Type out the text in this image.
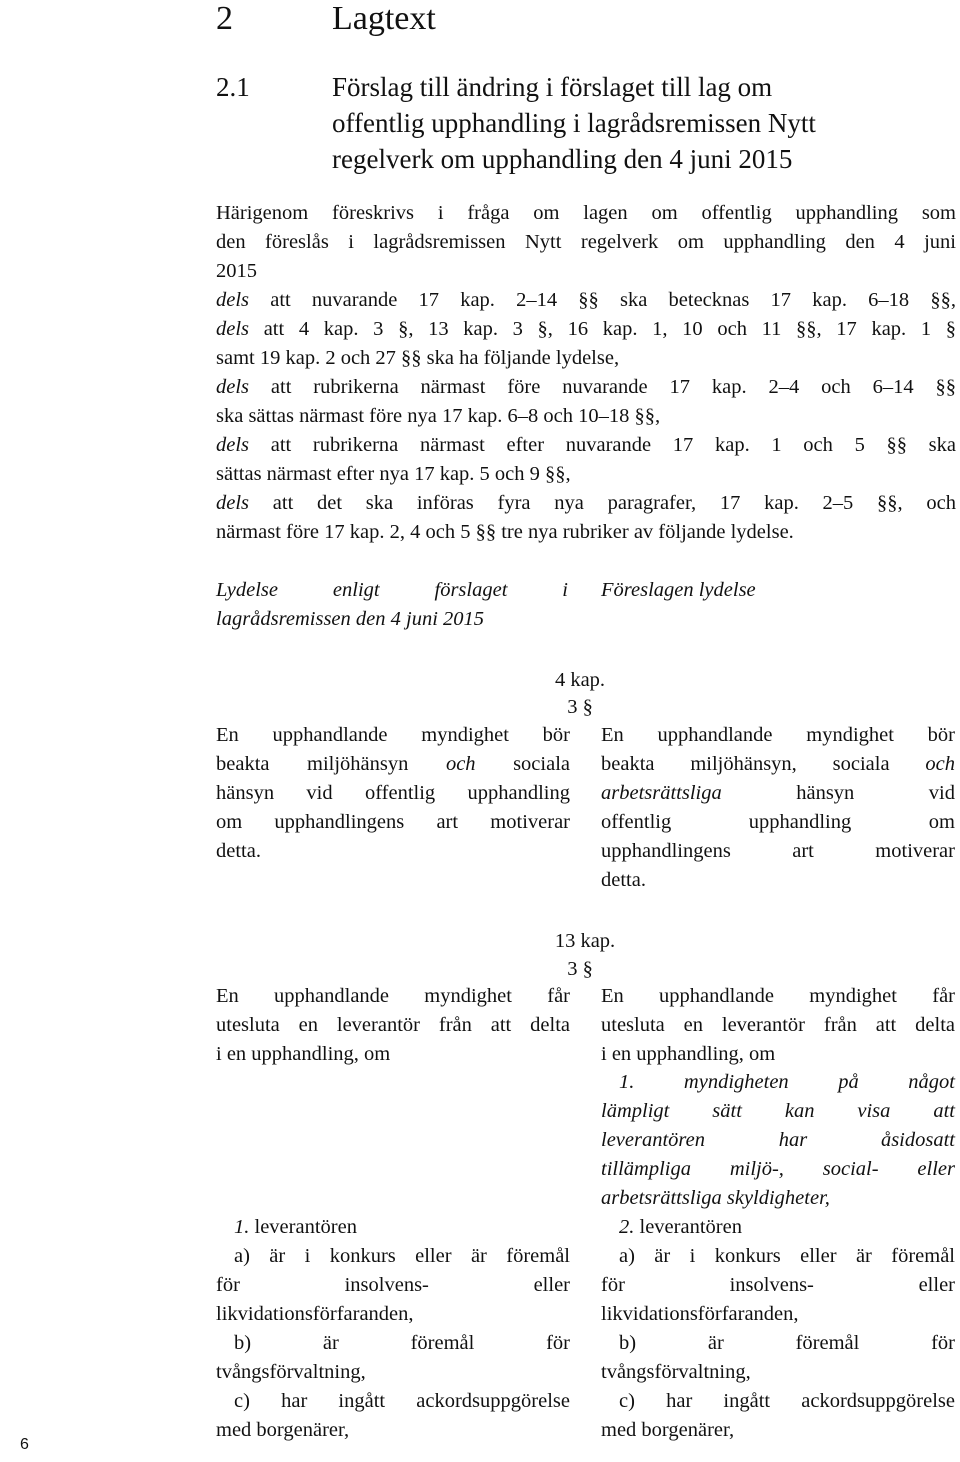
2	Lagtext
2.1	Förslag till ändring i förslaget till lag om
offentlig upphandling i lagrådsremissen Nytt
regelverk om upphandling den 4 juni 2015
Härigenom föreskrivs i fråga om lagen om offentlig upphandling som
den föreslås i lagrådsremissen Nytt regelverk om upphandling den 4 juni
2015
dels att nuvarande 17 kap. 2–14 §§ ska betecknas 17 kap. 6–18 §§,
dels att 4 kap. 3 §, 13 kap. 3 §, 16 kap. 1, 10 och 11 §§, 17 kap. 1 §
samt 19 kap. 2 och 27 §§ ska ha följande lydelse,
dels att rubrikerna närmast före nuvarande 17 kap. 2–4 och 6–14 §§
ska sättas närmast före nya 17 kap. 6–8 och 10–18 §§,
dels att rubrikerna närmast efter nuvarande 17 kap. 1 och 5 §§ ska
sättas närmast efter nya 17 kap. 5 och 9 §§,
dels att det ska införas fyra nya paragrafer, 17 kap. 2–5 §§, och
närmast före 17 kap. 2, 4 och 5 §§ tre nya rubriker av följande lydelse.
Lydelse enligt förslaget i
lagrådsremissen den 4 juni 2015
Föreslagen lydelse
4 kap.
3 §
En upphandlande myndighet bör
beakta miljöhänsyn och sociala
hänsyn vid offentlig upphandling
om upphandlingens art motiverar
detta.
En upphandlande myndighet bör
beakta miljöhänsyn, sociala och
arbetsrättsliga hänsyn vid
offentlig upphandling om
upphandlingens art motiverar
detta.
13 kap.
3 §
En upphandlande myndighet får
utesluta en leverantör från att delta
i en upphandling, om
1. leverantören
a) är i konkurs eller är föremål
för insolvens- eller
likvidationsförfaranden,
b) är föremål för
tvångsförvaltning,
c) har ingått ackordsuppgörelse
med borgenärer,
En upphandlande myndighet får
utesluta en leverantör från att delta
i en upphandling, om
1. myndigheten på något
lämpligt sätt kan visa att
leverantören har åsidosatt
tillämpliga miljö-, social- eller
arbetsrättsliga skyldigheter,
2. leverantören
a) är i konkurs eller är föremål
för insolvens- eller
likvidationsförfaranden,
b) är föremål för
tvångsförvaltning,
c) har ingått ackordsuppgörelse
med borgenärer,
6
